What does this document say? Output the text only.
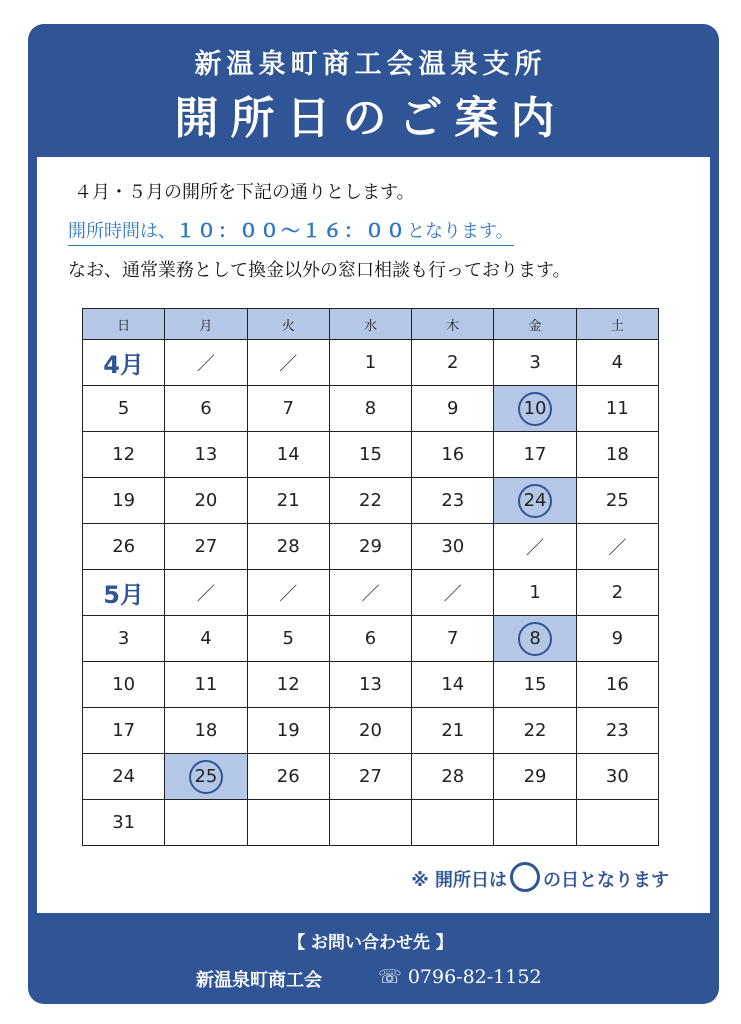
新温泉町商工会温泉支所
開所日のご案内
４月・５月の開所を下記の通りとします。
開所時間は、１０：００〜１６：００となります。
なお、通常業務として換金以外の窓口相談も行っております。
日	月	火	水	木	金	土
4月	／	／	1	2	3	4
5	6	7	8	9	10	11
12	13	14	15	16	17	18
19	20	21	22	23	24	25
26	27	28	29	30	／	／
5月	／	／	／	／	1	2
3	4	5	6	7	8	9
10	11	12	13	14	15	16
17	18	19	20	21	22	23
24	25	26	27	28	29	30
31						
※ 開所日は の日となります
【 お問い合わせ先 】
新温泉町商工会	☏ 0796-82-1152
